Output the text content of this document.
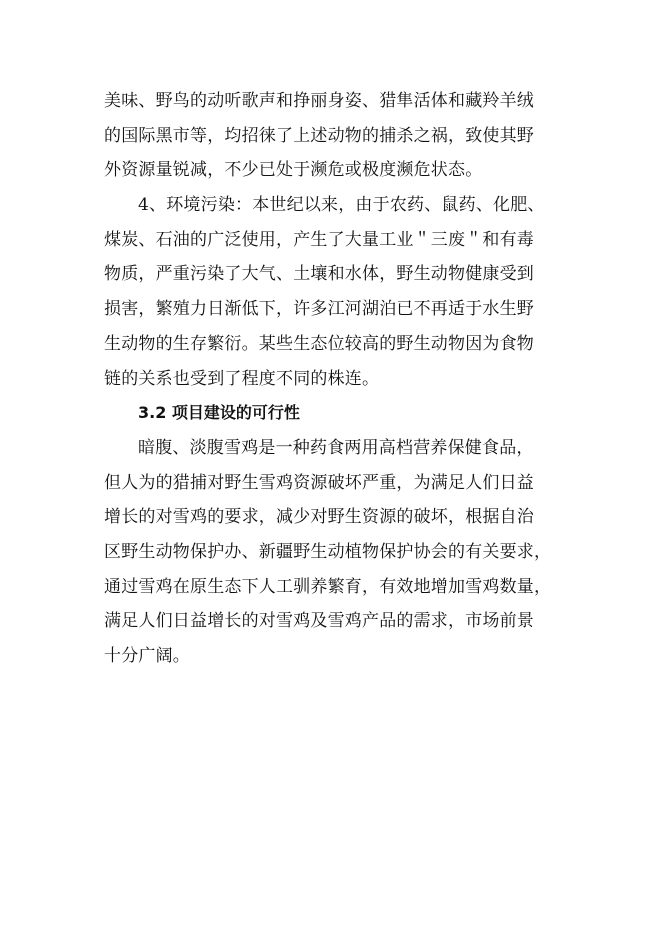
美味、野鸟的动听歌声和挣丽身姿、猎隼活体和藏羚羊绒
的国际黑市等，均招徕了上述动物的捕杀之祸，致使其野
外资源量锐减，不少已处于濒危或极度濒危状态。
4、环境污染：本世纪以来，由于农药、鼠药、化肥、
煤炭、石油的广泛使用，产生了大量工业＂三废＂和有毒
物质，严重污染了大气、土壤和水体，野生动物健康受到
损害，繁殖力日渐低下，许多江河湖泊已不再适于水生野
生动物的生存繁衍。某些生态位较高的野生动物因为食物
链的关系也受到了程度不同的株连。
3.2 项目建设的可行性
暗腹、淡腹雪鸡是一种药食两用高档营养保健食品，
但人为的猎捕对野生雪鸡资源破坏严重，为满足人们日益
增长的对雪鸡的要求，减少对野生资源的破坏，根据自治
区野生动物保护办、新疆野生动植物保护协会的有关要求，
通过雪鸡在原生态下人工驯养繁育，有效地增加雪鸡数量，
满足人们日益增长的对雪鸡及雪鸡产品的需求，市场前景
十分广阔。
